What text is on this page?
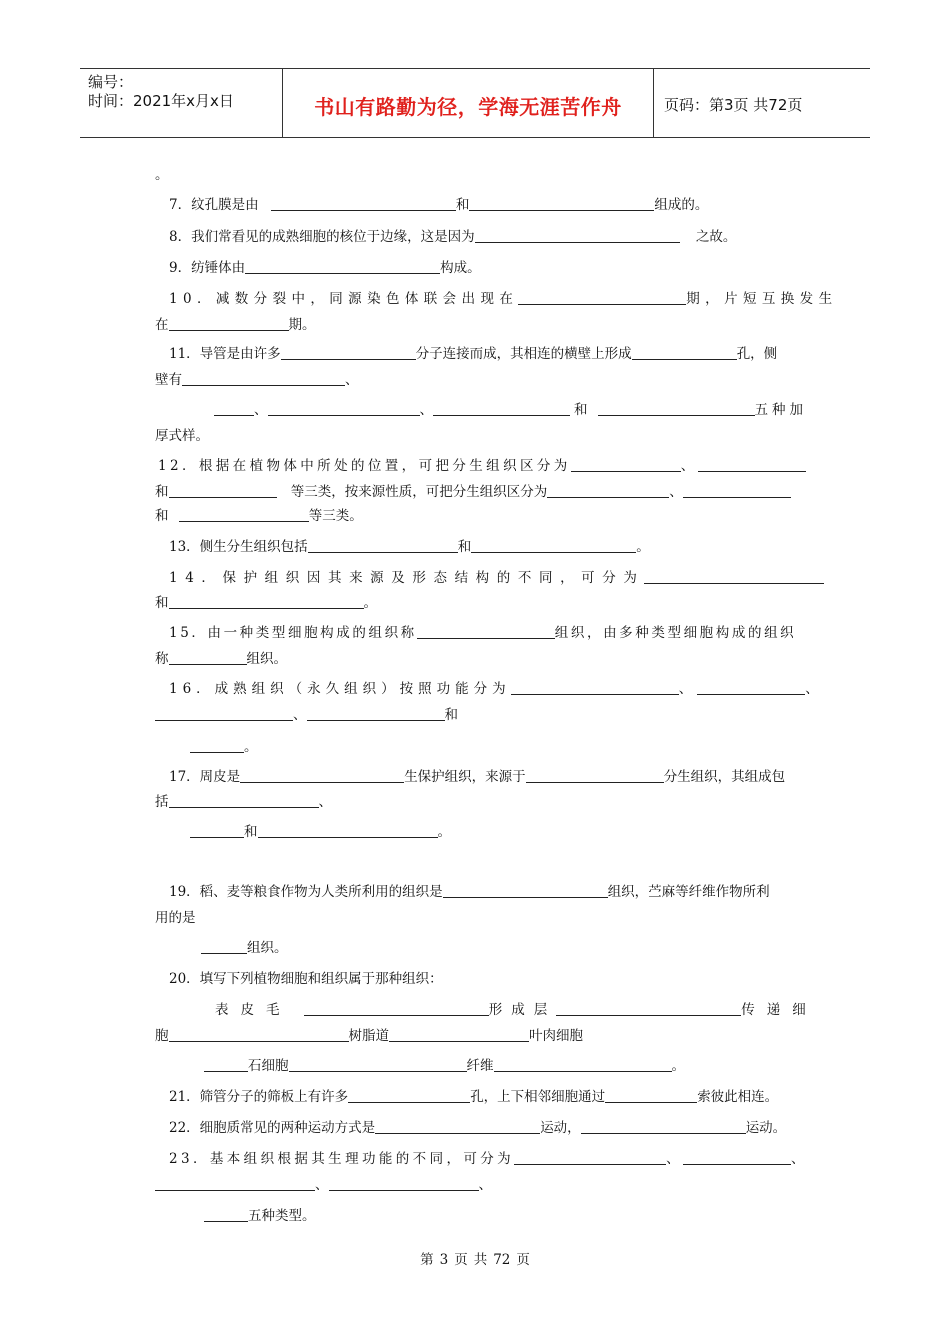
编号：
时间：2021年x月x日	书山有路勤为径，学海无涯苦作舟	页码：第3页 共72页
。
7．纹孔膜是由	和	组成的。
8．我们常看见的成熟细胞的核位于边缘，这是因为	之故。
9．纺锤体由	构成。
10．减数分裂中，同源染色体联会出现在	期，片短互换发生
在	期。
11．导管是由许多	分子连接而成，其相连的横壁上形成	孔，侧
壁有	、
、	、	和	五种加
厚式样。
12．根据在植物体中所处的位置，可把分生组织区分为	、
和	等三类，按来源性质，可把分生组织区分为	、
和	等三类。
13．侧生分生组织包括	和	。
14．保护组织因其来源及形态结构的不同，可分为
和	。
15．由一种类型细胞构成的组织称	组织，由多种类型细胞构成的组织
称	组织。
16．成熟组织（永久组织）按照功能分为	、	、
、	和
。
17．周皮是	生保护组织，来源于	分生组织，其组成包
括	、
和	。
19．稻、麦等粮食作物为人类所利用的组织是	组织，苎麻等纤维作物所利
用的是
组织。
20．填写下列植物细胞和组织属于那种组织：
表皮毛	形成层	传递细
胞	树脂道	叶肉细胞
石细胞	纤维	。
21．筛管分子的筛板上有许多	孔，上下相邻细胞通过	索彼此相连。
22．细胞质常见的两种运动方式是	运动，	运动。
23．基本组织根据其生理功能的不同，可分为	、	、
、	、
五种类型。
第 3 页 共 72 页
